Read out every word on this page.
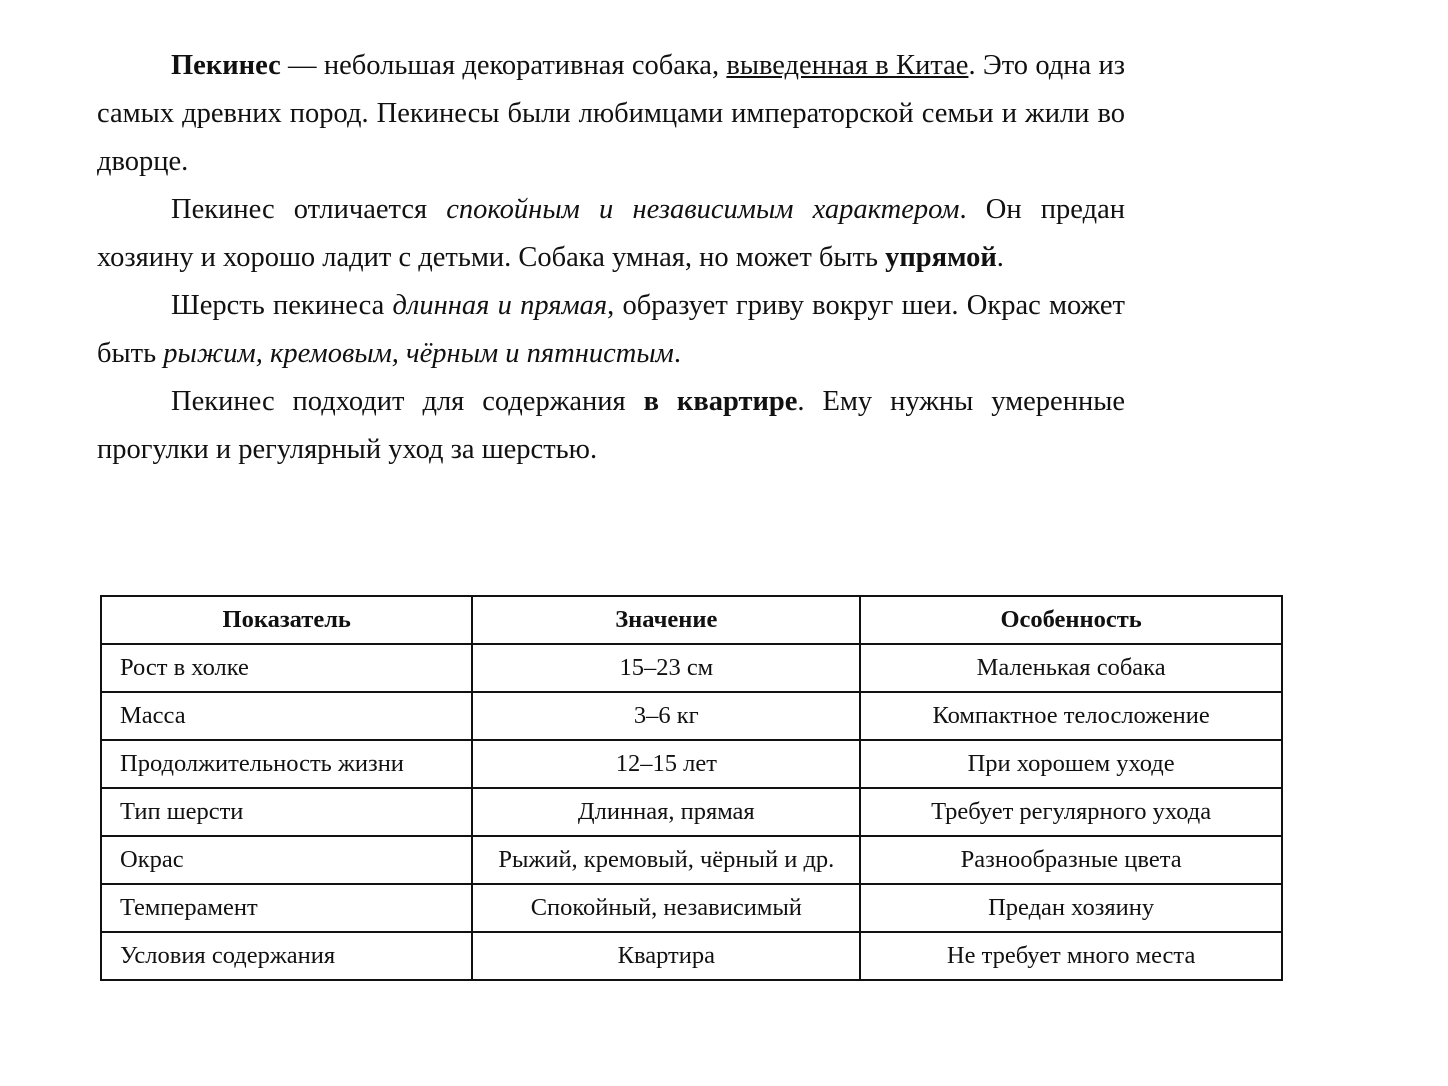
Пекинес — небольшая декоративная собака, выведенная в Китае. Это одна из самых древних пород. Пекинесы были любимцами императорской семьи и жили во дворце.

Пекинес отличается спокойным и независимым характером. Он предан хозяину и хорошо ладит с детьми. Собака умная, но может быть упрямой.

Шерсть пекинеса длинная и прямая, образует гриву вокруг шеи. Окрас может быть рыжим, кремовым, чёрным и пятнистым.

Пекинес подходит для содержания в квартире. Ему нужны умеренные прогулки и регулярный уход за шерстью.

Показатель	Значение	Особенность
Рост в холке	15–23 см	Маленькая собака
Масса	3–6 кг	Компактное телосложение
Продолжительность жизни	12–15 лет	При хорошем уходе
Тип шерсти	Длинная, прямая	Требует регулярного ухода
Окрас	Рыжий, кремовый, чёрный и др.	Разнообразные цвета
Темперамент	Спокойный, независимый	Предан хозяину
Условия содержания	Квартира	Не требует много места
